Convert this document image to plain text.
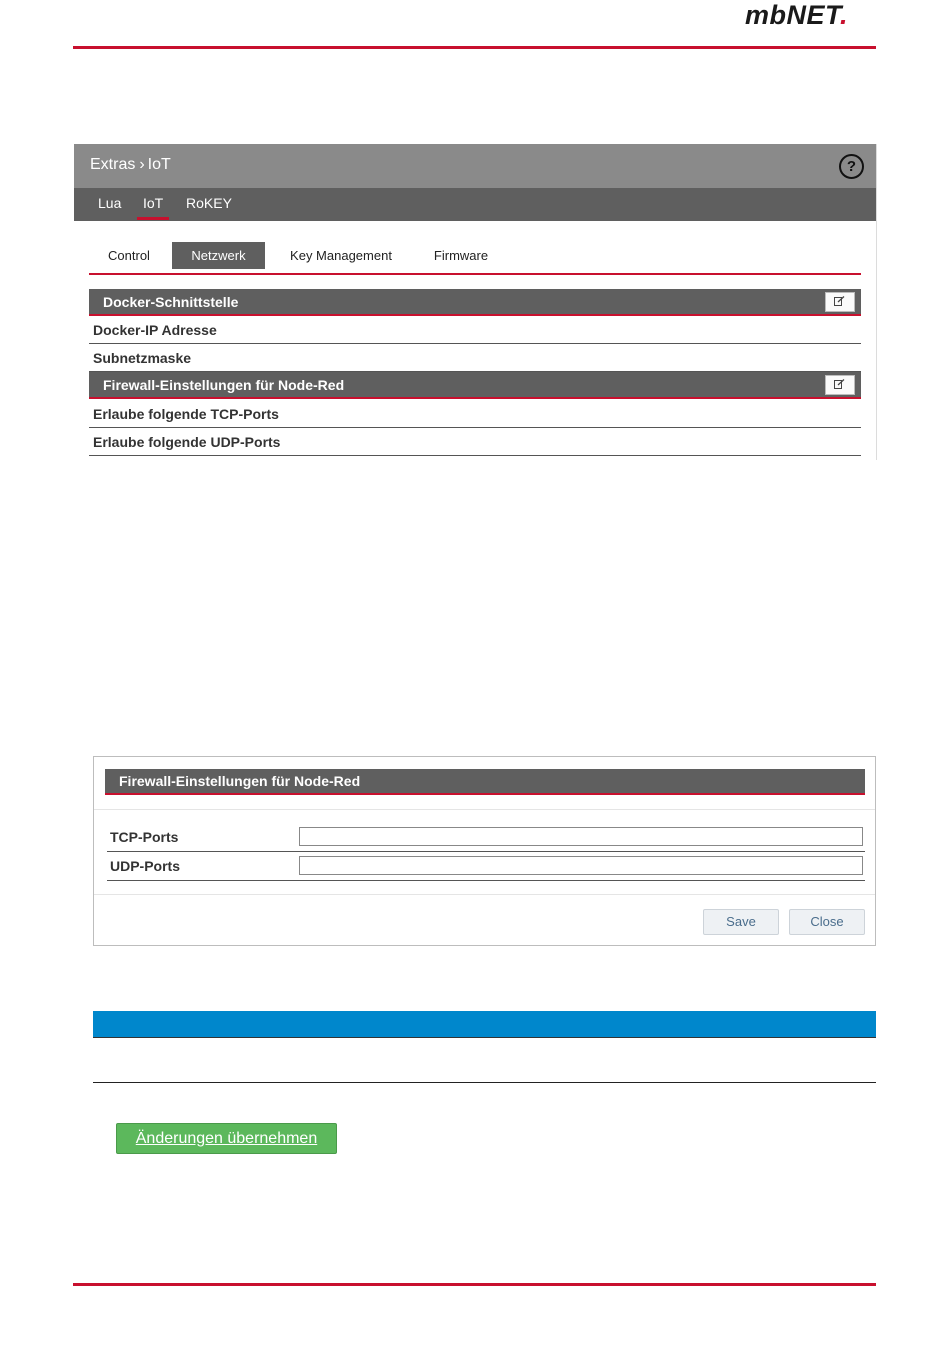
mbNET.
Extras › IoT	?
Lua IoT RoKEY
Control	Netzwerk	Key Management	Firmware
Docker-Schnittstelle
Docker-IP Adresse
Subnetzmaske
Firewall-Einstellungen für Node-Red
Erlaube folgende TCP-Ports
Erlaube folgende UDP-Ports
Firewall-Einstellungen für Node-Red
TCP-Ports
UDP-Ports
Save	Close
Änderungen übernehmen
